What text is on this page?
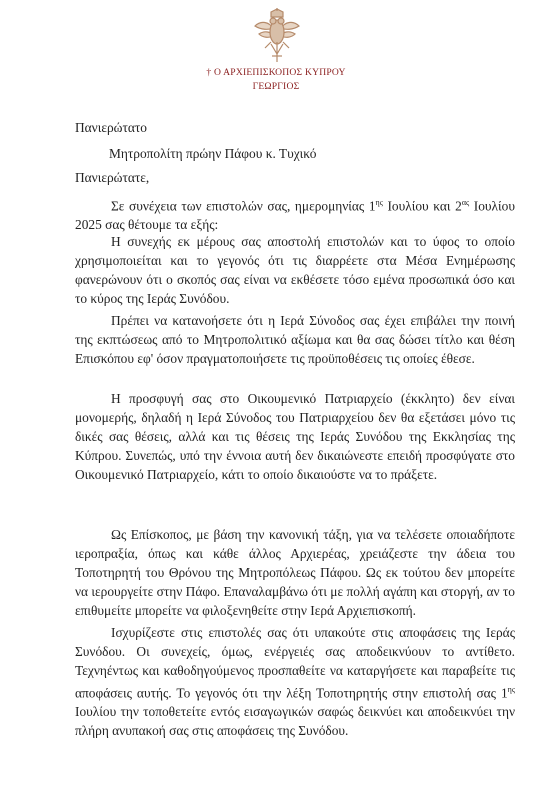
† Ο ΑΡΧΙΕΠΙΣΚΟΠΟΣ ΚΥΠΡΟΥ
ΓΕΩΡΓΙΟΣ
Πανιερώτατο
Μητροπολίτη πρώην Πάφου κ. Τυχικό
Πανιερώτατε,
Σε συνέχεια των επιστολών σας, ημερομηνίας $1^{\eta\varsigma}$ Ιουλίου και $2^{\alpha\varsigma}$ Ιουλίου 2025 σας θέτουμε τα εξής:
Η συνεχής εκ μέρους σας αποστολή επιστολών και το ύφος το οποίο χρησιμοποιείται και το γεγονός ότι τις διαρρέετε στα Μέσα Ενημέρωσης φανερώνουν ότι ο σκοπός σας είναι να εκθέσετε τόσο εμένα προσωπικά όσο και το κύρος της Ιεράς Συνόδου.
Πρέπει να κατανοήσετε ότι η Ιερά Σύνοδος σας έχει επιβάλει την ποινή της εκπτώσεως από το Μητροπολιτικό αξίωμα και θα σας δώσει τίτλο και θέση Επισκόπου εφ' όσον πραγματοποιήσετε τις προϋποθέσεις τις οποίες έθεσε.
Η προσφυγή σας στο Οικουμενικό Πατριαρχείο (έκκλητο) δεν είναι μονομερής, δηλαδή η Ιερά Σύνοδος του Πατριαρχείου δεν θα εξετάσει μόνο τις δικές σας θέσεις, αλλά και τις θέσεις της Ιεράς Συνόδου της Εκκλησίας της Κύπρου. Συνεπώς, υπό την έννοια αυτή δεν δικαιώνεστε επειδή προσφύγατε στο Οικουμενικό Πατριαρχείο, κάτι το οποίο δικαιούστε να το πράξετε.
Ως Επίσκοπος, με βάση την κανονική τάξη, για να τελέσετε οποιαδήποτε ιεροπραξία, όπως και κάθε άλλος Αρχιερέας, χρειάζεστε την άδεια του Τοποτηρητή του Θρόνου της Μητροπόλεως Πάφου. Ως εκ τούτου δεν μπορείτε να ιερουργείτε στην Πάφο. Επαναλαμβάνω ότι με πολλή αγάπη και στοργή, αν το επιθυμείτε μπορείτε να φιλοξενηθείτε στην Ιερά Αρχιεπισκοπή.
Ισχυρίζεστε στις επιστολές σας ότι υπακούτε στις αποφάσεις της Ιεράς Συνόδου. Οι συνεχείς, όμως, ενέργειές σας αποδεικνύουν το αντίθετο. Τεχνηέντως και καθοδηγούμενος προσπαθείτε να καταργήσετε και παραβείτε τις αποφάσεις αυτής. Το γεγονός ότι την λέξη Τοποτηρητής στην επιστολή σας $1^{\eta\varsigma}$ Ιουλίου την τοποθετείτε εντός εισαγωγικών σαφώς δεικνύει και αποδεικνύει την πλήρη ανυπακοή σας στις αποφάσεις της Συνόδου.
